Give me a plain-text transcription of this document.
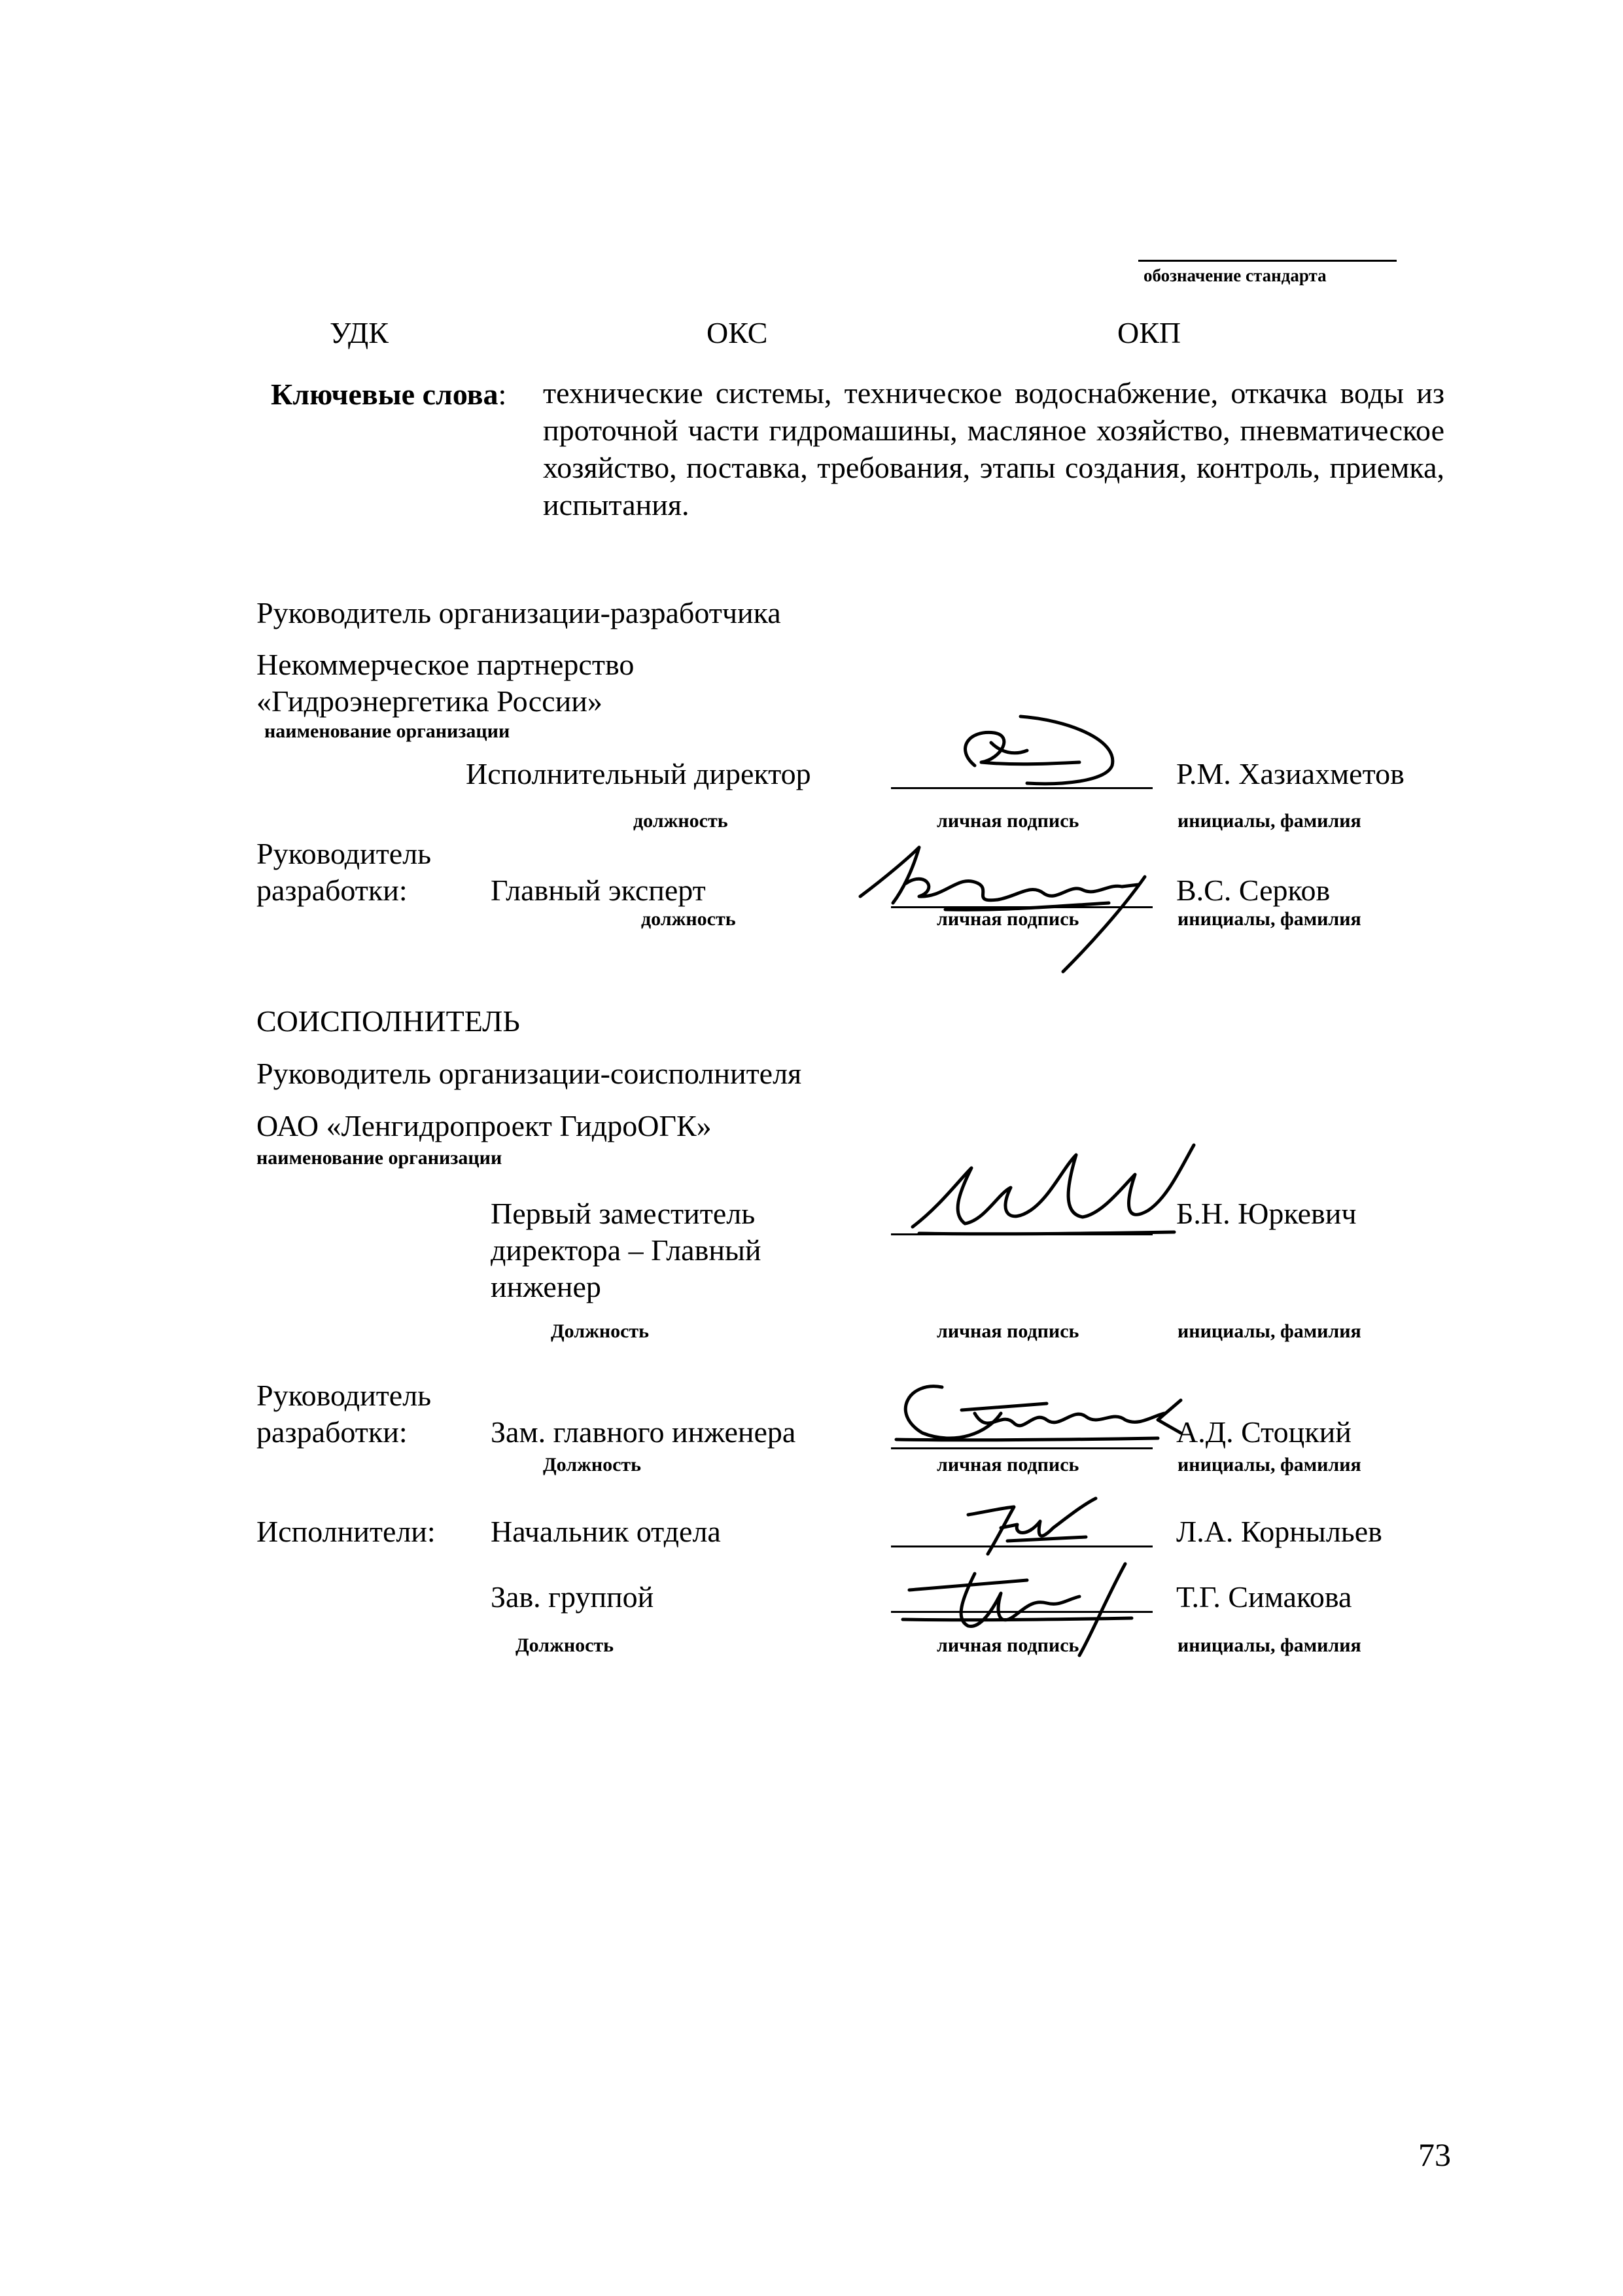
обозначение стандарта
УДК	ОКС	ОКП
Ключевые слова: технические системы, техническое водоснабжение, откачка воды из проточной части гидромашины, масляное хозяйство, пневматическое хозяйство, поставка, требования, этапы создания, контроль, приемка, испытания.
Руководитель организации-разработчика
Некоммерческое партнерство
«Гидроэнергетика России»
наименование организации
Исполнительный директор	Р.М. Хазиахметов
должность	личная подпись	инициалы, фамилия
Руководитель
разработки:	Главный эксперт	В.С. Серков
должность	личная подпись	инициалы, фамилия
СОИСПОЛНИТЕЛЬ
Руководитель организации-соисполнителя
ОАО «Ленгидропроект ГидроОГК»
наименование организации
Первый заместитель
директора – Главный
инженер
Б.Н. Юркевич
Должность	личная подпись	инициалы, фамилия
Руководитель
разработки:	Зам. главного инженера	А.Д. Стоцкий
Должность	личная подпись	инициалы, фамилия
Исполнители: Начальник отдела	Л.А. Корныльев
Зав. группой	Т.Г. Симакова
Должность	личная подпись	инициалы, фамилия
73
